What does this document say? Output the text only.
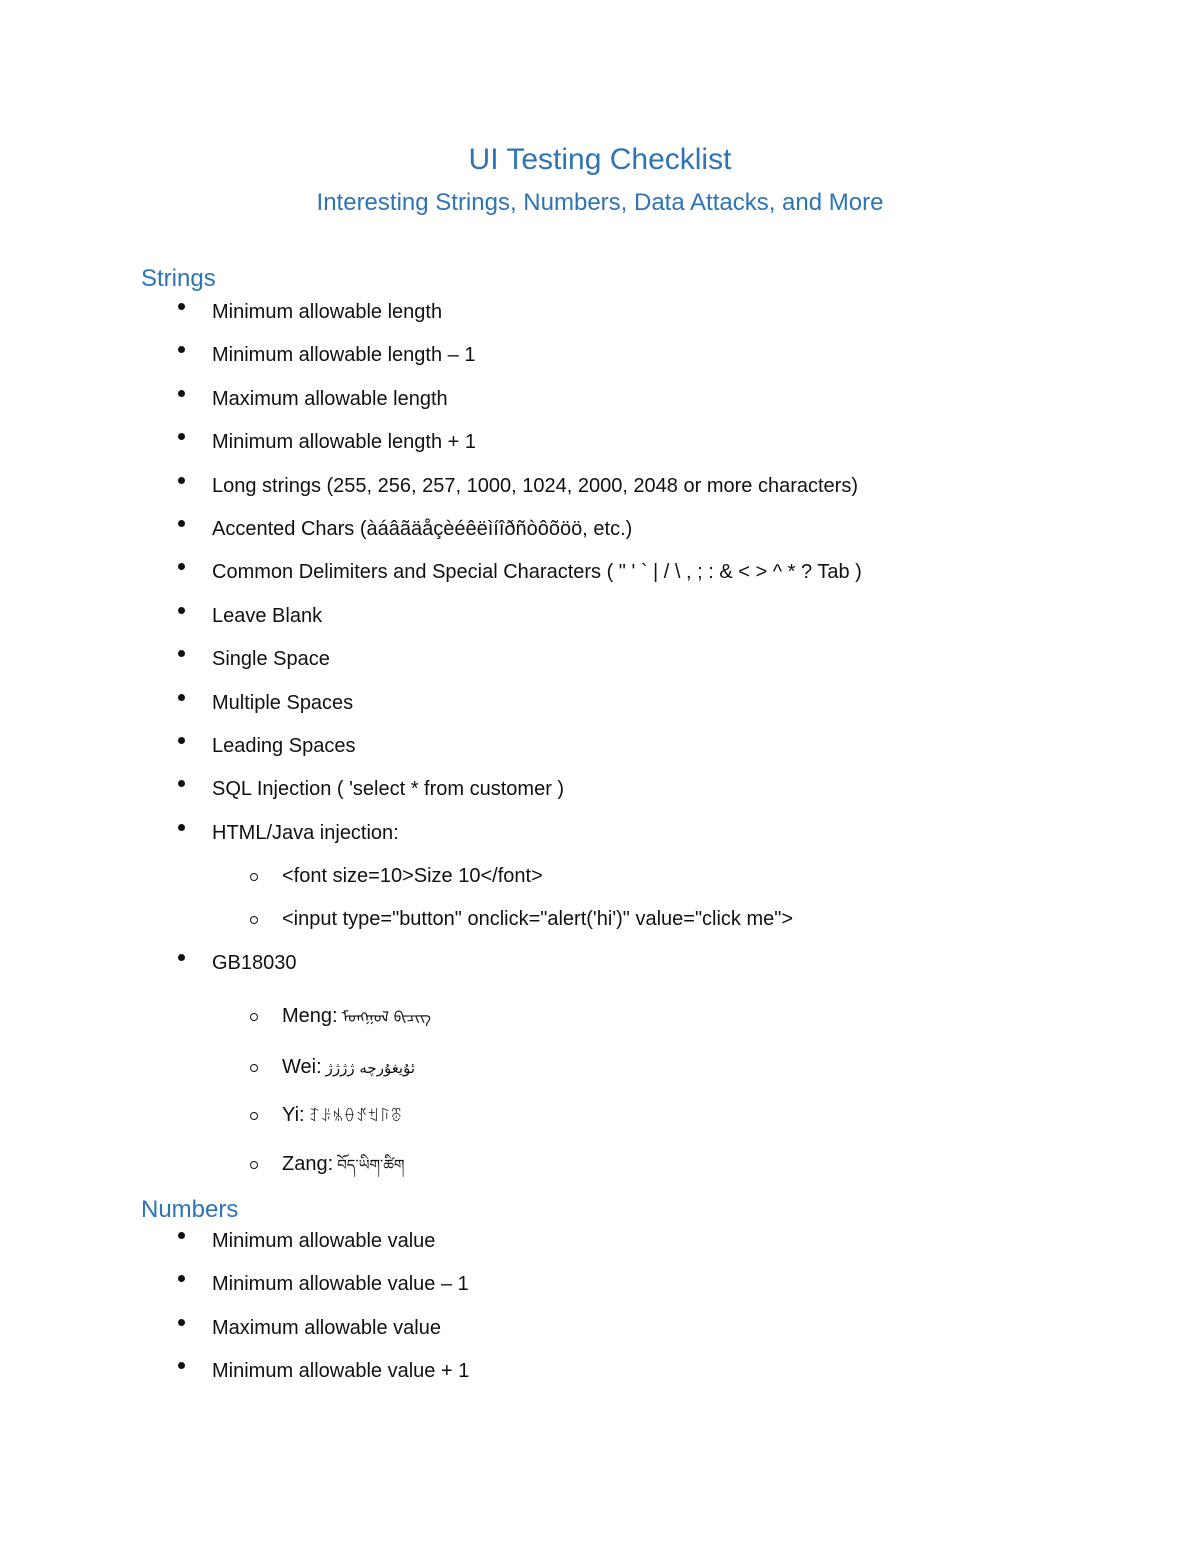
UI Testing Checklist
Interesting Strings, Numbers, Data Attacks, and More
Strings
Minimum allowable length
Minimum allowable length – 1
Maximum allowable length
Minimum allowable length + 1
Long strings (255, 256, 257, 1000, 1024, 2000, 2048 or more characters)
Accented Chars (àáâãäåçèéêëìíîðñòôõöö, etc.)
Common Delimiters and Special Characters ( " ' ` | / \ , ; : & < > ^ * ? Tab )
Leave Blank
Single Space
Multiple Spaces
Leading Spaces
SQL Injection ( 'select * from customer )
HTML/Java injection:
<font size=10>Size 10</font>
<input type="button" onclick="alert('hi')" value="click me">
GB18030
Meng: ᠮᠣᠩᠭᠣᠯ ᠪᠢᠴᠢᠭ
Wei: ئۇيغۇرچە ژژژژ
Yi: ꆈꌠꁱꂷꀋꉬꑍꁨ
Zang: བོད་ཡིག་ཚིག
Numbers
Minimum allowable value
Minimum allowable value – 1
Maximum allowable value
Minimum allowable value + 1
